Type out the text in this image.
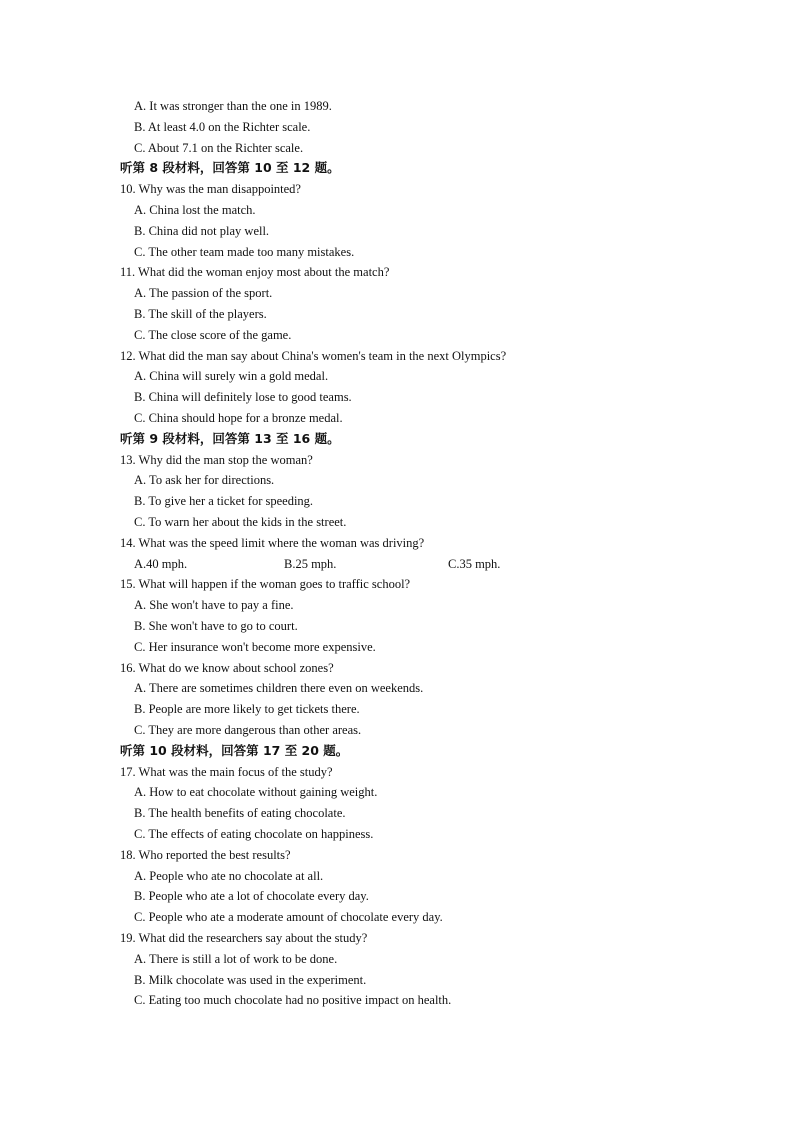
A. It was stronger than the one in 1989.
B. At least 4.0 on the Richter scale.
C. About 7.1 on the Richter scale.
听第 8 段材料，回答第 10 至 12 题。
10. Why was the man disappointed?
A. China lost the match.
B. China did not play well.
C. The other team made too many mistakes.
11. What did the woman enjoy most about the match?
A. The passion of the sport.
B. The skill of the players.
C. The close score of the game.
12. What did the man say about China's women's team in the next Olympics?
A. China will surely win a gold medal.
B. China will definitely lose to good teams.
C. China should hope for a bronze medal.
听第 9 段材料，回答第 13 至 16 题。
13. Why did the man stop the woman?
A. To ask her for directions.
B. To give her a ticket for speeding.
C. To warn her about the kids in the street.
14. What was the speed limit where the woman was driving?
A.40 mph.	B.25 mph.	C.35 mph.
15. What will happen if the woman goes to traffic school?
A. She won't have to pay a fine.
B. She won't have to go to court.
C. Her insurance won't become more expensive.
16. What do we know about school zones?
A. There are sometimes children there even on weekends.
B. People are more likely to get tickets there.
C. They are more dangerous than other areas.
听第 10 段材料，回答第 17 至 20 题。
17. What was the main focus of the study?
A. How to eat chocolate without gaining weight.
B. The health benefits of eating chocolate.
C. The effects of eating chocolate on happiness.
18. Who reported the best results?
A. People who ate no chocolate at all.
B. People who ate a lot of chocolate every day.
C. People who ate a moderate amount of chocolate every day.
19. What did the researchers say about the study?
A. There is still a lot of work to be done.
B. Milk chocolate was used in the experiment.
C. Eating too much chocolate had no positive impact on health.
